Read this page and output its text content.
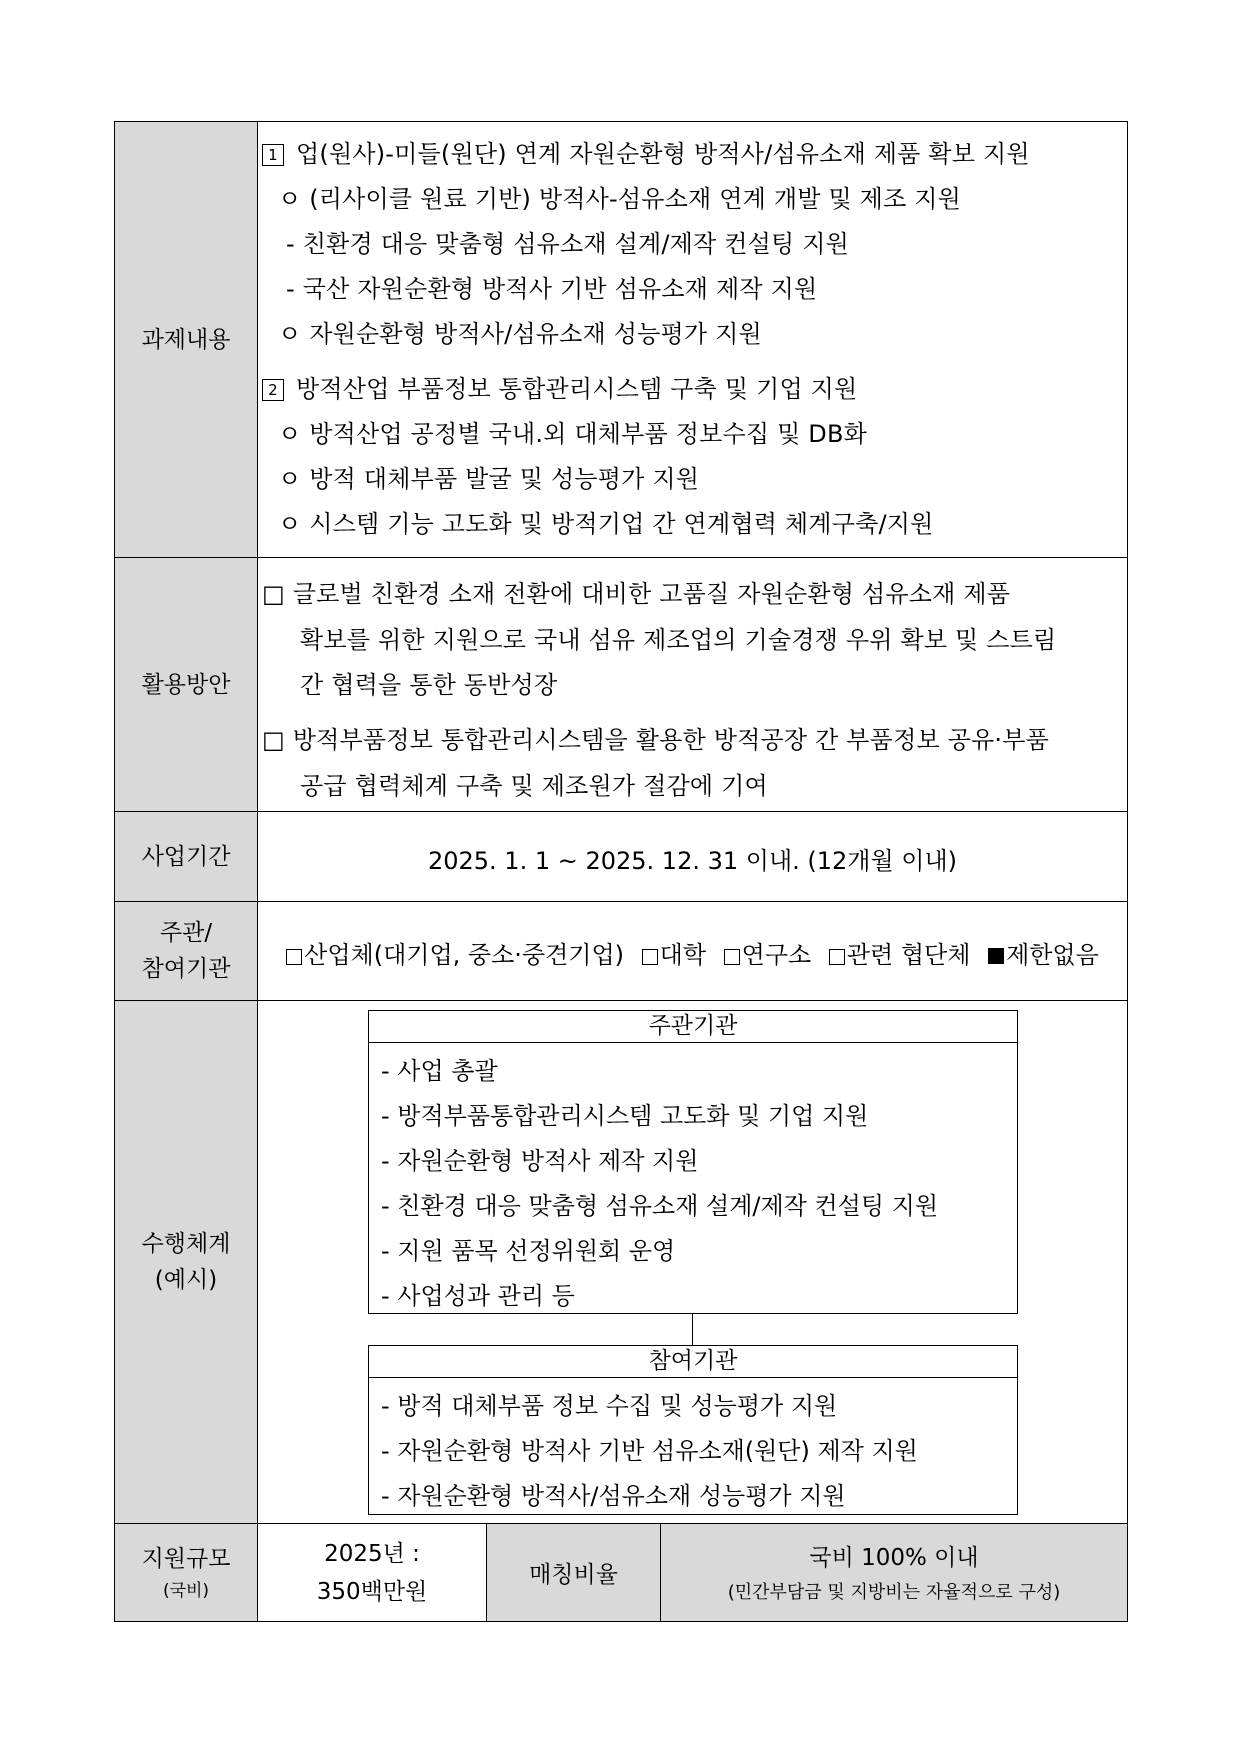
과제내용
1 업(원사)-미들(원단) 연계 자원순환형 방적사/섬유소재 제품 확보 지원
ㅇ (리사이클 원료 기반) 방적사-섬유소재 연계 개발 및 제조 지원
- 친환경 대응 맞춤형 섬유소재 설계/제작 컨설팅 지원
- 국산 자원순환형 방적사 기반 섬유소재 제작 지원
ㅇ 자원순환형 방적사/섬유소재 성능평가 지원
2 방적산업 부품정보 통합관리시스템 구축 및 기업 지원
ㅇ 방적산업 공정별 국내.외 대체부품 정보수집 및 DB화
ㅇ 방적 대체부품 발굴 및 성능평가 지원
ㅇ 시스템 기능 고도화 및 방적기업 간 연계협력 체계구축/지원
활용방안
□ 글로벌 친환경 소재 전환에 대비한 고품질 자원순환형 섬유소재 제품
확보를 위한 지원으로 국내 섬유 제조업의 기술경쟁 우위 확보 및 스트림
간 협력을 통한 동반성장
□ 방적부품정보 통합관리시스템을 활용한 방적공장 간 부품정보 공유·부품
공급 협력체계 구축 및 제조원가 절감에 기여
사업기간	2025. 1. 1 ~ 2025. 12. 31 이내. (12개월 이내)
주관/
참여기관	산업체(대기업, 중소·중견기업) 대학 연구소 관련 협단체 제한없음
수행체계
(예시)
주관기관
- 사업 총괄
- 방적부품통합관리시스템 고도화 및 기업 지원
- 자원순환형 방적사 제작 지원
- 친환경 대응 맞춤형 섬유소재 설계/제작 컨설팅 지원
- 지원 품목 선정위원회 운영
- 사업성과 관리 등
참여기관
- 방적 대체부품 정보 수집 및 성능평가 지원
- 자원순환형 방적사 기반 섬유소재(원단) 제작 지원
- 자원순환형 방적사/섬유소재 성능평가 지원
지원규모
(국비)
2025년 :
350백만원
매칭비율
국비 100% 이내
(민간부담금 및 지방비는 자율적으로 구성)
